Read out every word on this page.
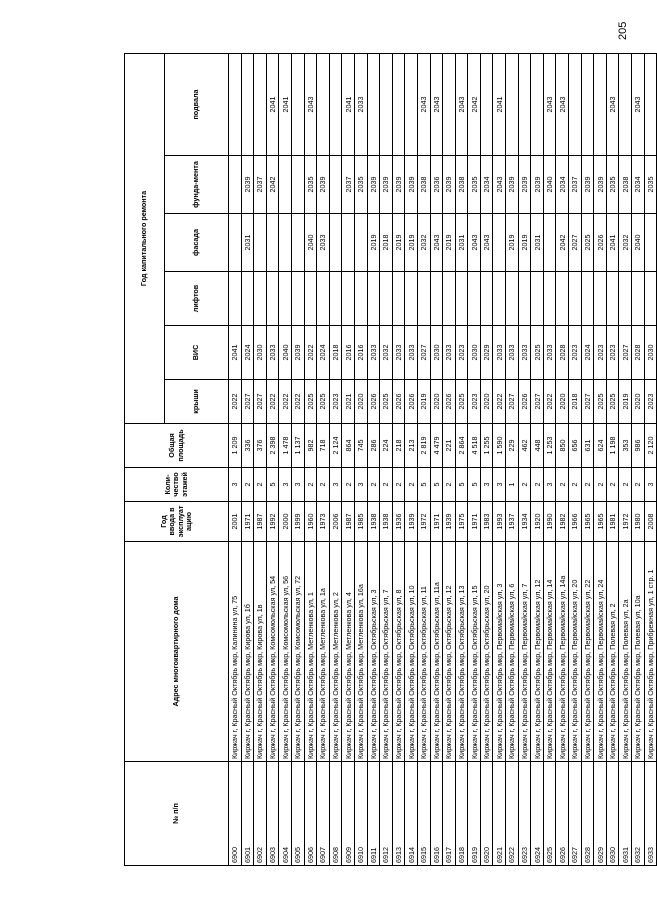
205
№ п/п	Адрес многоквартирного дома	Год ввода в эксплуат ацию	Коли-чество этажей	Общая площадь	Год капитального ремонта					
					крыши	ВИС	лифтов	фасада	фунда-мента	подвала
6900	Киржач г, Красный Октябрь мкр, Калинина ул, 75	2001	3	1 209	2022	2041				
6901	Киржач г, Красный Октябрь мкр, Кирова ул, 1б	1971	2	336	2027	2024		2031	2039	
6902	Киржач г, Красный Октябрь мкр, Кирова ул, 1в	1987	2	376	2027	2030			2037	
6903	Киржач г, Красный Октябрь мкр, Комсомольская ул, 54	1992	5	2 398	2022	2033			2042	2041
6904	Киржач г, Красный Октябрь мкр, Комсомольская ул, 56	2000	3	1 478	2022	2040				2041
6905	Киржач г, Красный Октябрь мкр, Комсомольская ул, 72	1999	3	1 137	2022	2039				
6906	Киржач г, Красный Октябрь мкр, Метленкова ул, 1	1960	2	982	2025	2022		2040	2035	2043
6907	Киржач г, Красный Октябрь мкр, Метленкова ул, 1а	1973	2	718	2025	2024		2033	2039	
6908	Киржач г, Красный Октябрь мкр, Метленкова ул, 2	2006	3	2 124	2023	2018				
6909	Киржач г, Красный Октябрь мкр, Метленкова ул, 4	1987	2	864	2021	2016			2037	2041
6910	Киржач г, Красный Октябрь мкр, Метленкова ул, 16а	1985	3	745	2020	2016			2035	2033
6911	Киржач г, Красный Октябрь мкр, Октябрьская ул, 3	1938	2	286	2026	2033		2019	2039	
6912	Киржач г, Красный Октябрь мкр, Октябрьская ул, 7	1938	2	224	2025	2032		2018	2039	
6913	Киржач г, Красный Октябрь мкр, Октябрьская ул, 8	1936	2	218	2026	2033		2019	2039	
6914	Киржач г, Красный Октябрь мкр, Октябрьская ул, 10	1939	2	213	2026	2033		2019	2039	
6915	Киржач г, Красный Октябрь мкр, Октябрьская ул, 11	1972	5	2 819	2019	2027		2032	2038	2043
6916	Киржач г, Красный Октябрь мкр, Октябрьская ул, 11а	1971	5	4 479	2020	2030		2043	2036	2043
6917	Киржач г, Красный Октябрь мкр, Октябрьская ул, 12	1939	2	221	2026	2033		2019	2039	
6918	Киржач г, Красный Октябрь мкр, Октябрьская ул, 13	1975	5	2 864	2025	2023		2031	2038	2043
6919	Киржач г, Красный Октябрь мкр, Октябрьская ул, 15	1971	5	4 518	2023	2030		2043	2035	2042
6920	Киржач г, Красный Октябрь мкр, Октябрьская ул, 20	1983	3	1 255	2020	2029		2043	2034	
6921	Киржач г, Красный Октябрь мкр, Первомайская ул, 3	1993	3	1 590	2022	2033			2043	2041
6922	Киржач г, Красный Октябрь мкр, Первомайская ул, 6	1937	1	229	2027	2033		2019	2039	
6923	Киржач г, Красный Октябрь мкр, Первомайская ул, 7	1934	2	462	2026	2033		2019	2039	
6924	Киржач г, Красный Октябрь мкр, Первомайская ул, 12	1920	2	448	2027	2025		2031	2039	
6925	Киржач г, Красный Октябрь мкр, Первомайская ул, 14	1990	3	1 253	2022	2033			2040	2043
6926	Киржач г, Красный Октябрь мкр, Первомайская ул, 14а	1982	2	850	2020	2028		2042	2034	2043
6927	Киржач г, Красный Октябрь мкр, Первомайская ул, 20	1966	2	656	2018	2023		2027	2037	
6928	Киржач г, Красный Октябрь мкр, Первомайская ул, 22	1965	2	631	2027	2024		2025	2039	
6929	Киржач г, Красный Октябрь мкр, Первомайская ул, 24	1965	2	624	2025	2023		2026	2039	
6930	Киржач г, Красный Октябрь мкр, Полевая ул, 2	1981	2	1 198	2025	2023		2041	2035	2043
6931	Киржач г, Красный Октябрь мкр, Полевая ул, 2а	1972	2	353	2019	2027		2032	2038	
6932	Киржач г, Красный Октябрь мкр, Полевая ул, 10а	1980	2	986	2020	2028		2040	2034	2043
6933	Киржач г, Красный Октябрь мкр, Прибрежная ул, 1 стр. 1	2008	3	2 120	2023	2030			2035	
